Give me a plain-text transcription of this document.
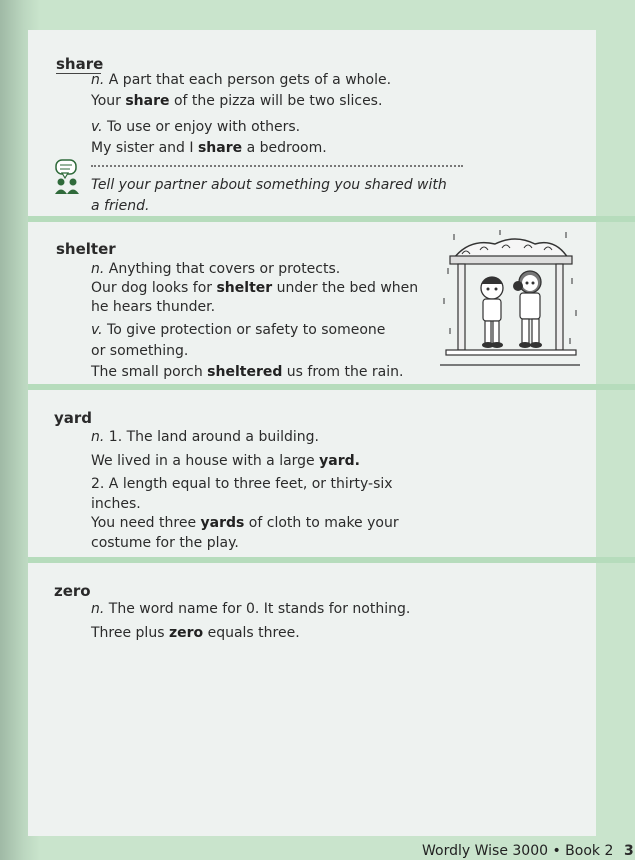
share
n. A part that each person gets of a whole.
Your share of the pizza will be two slices.
v. To use or enjoy with others.
My sister and I share a bedroom.
Tell your partner about something you shared with
a friend.
shelter
n. Anything that covers or protects.
Our dog looks for shelter under the bed when
he hears thunder.
v. To give protection or safety to someone
or something.
The small porch sheltered us from the rain.
yard
n. 1. The land around a building.
We lived in a house with a large yard.
2. A length equal to three feet, or thirty-six
inches.
You need three yards of cloth to make your
costume for the play.
zero
n. The word name for 0. It stands for nothing.
Three plus zero equals three.
Wordly Wise 3000 • Book 2 3
